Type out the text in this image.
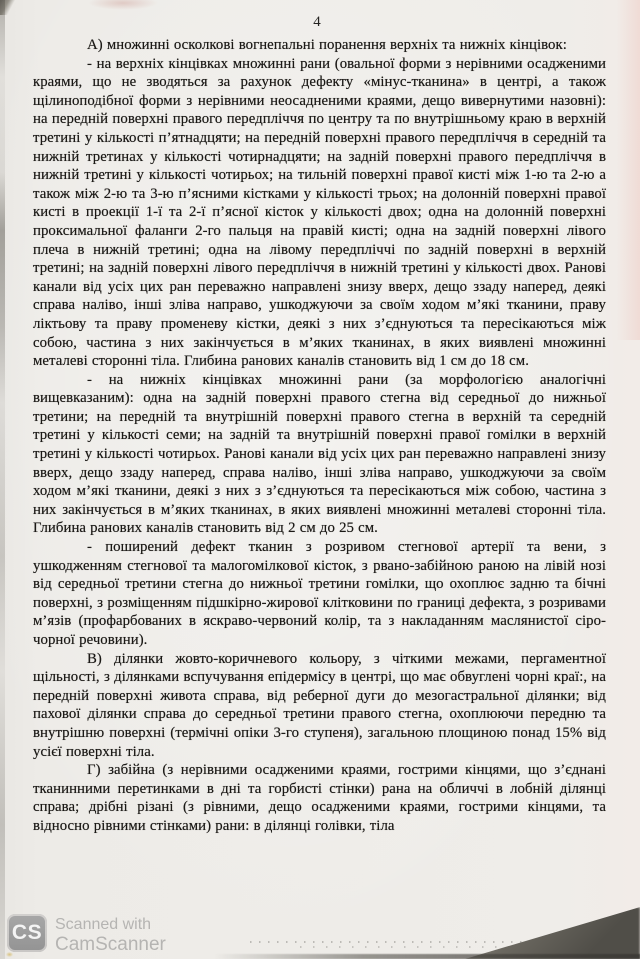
4

А) множинні осколкові вогнепальні поранення верхніх та нижніх кінцівок:

- на верхніх кінцівках множинні рани (овальної форми з нерівними осадженими краями, що не зводяться за рахунок дефекту «мінус-тканина» в центрі, а також щілиноподібної форми з нерівними неосадненими краями, дещо вивернутими назовні): на передній поверхні правого передпліччя по центру та по внутрішньому краю в верхній третині у кількості п’ятнадцяти; на передній поверхні правого передпліччя в середній та нижній третинах у кількості чотирнадцяти; на задній поверхні правого передпліччя в нижній третині у кількості чотирьох; на тильній поверхні правої кисті між 1-ю та 2-ю а також між 2-ю та 3-ю п’ясними кістками у кількості трьох; на долонній поверхні правої кисті в проекції 1-ї та 2-ї п’ясної кісток у кількості двох; одна на долонній поверхні проксимальної фаланги 2-го пальця на правій кисті; одна на задній поверхні лівого плеча в нижній третині; одна на лівому передпліччі по задній поверхні в верхній третині; на задній поверхні лівого передпліччя в нижній третині у кількості двох. Ранові канали від усіх цих ран переважно направлені знизу вверх, дещо ззаду наперед, деякі справа наліво, інші зліва направо, ушкоджуючи за своїм ходом м’які тканини, праву ліктьову та праву променеву кістки, деякі з них з’єднуються та пересікаються між собою, частина з них закінчується в м’яких тканинах, в яких виявлені множинні металеві сторонні тіла. Глибина ранових каналів становить від 1 см до 18 см.

- на нижніх кінцівках множинні рани (за морфологією аналогічні вищевказаним): одна на задній поверхні правого стегна від середньої до нижньої третини; на передній та внутрішній поверхні правого стегна в верхній та середній третині у кількості семи; на задній та внутрішній поверхні правої гомілки в верхній третині у кількості чотирьох. Ранові канали від усіх цих ран переважно направлені знизу вверх, дещо ззаду наперед, справа наліво, інші зліва направо, ушкоджуючи за своїм ходом м’які тканини, деякі з них з з’єднуються та пересікаються між собою, частина з них закінчується в м’яких тканинах, в яких виявлені множинні металеві сторонні тіла. Глибина ранових каналів становить від 2 см до 25 см.

- поширений дефект тканин з розривом стегнової артерії та вени, з ушкодженням стегнової та малогомілкової кісток, з рвано-забійною раною на лівій нозі від середньої третини стегна до нижньої третини гомілки, що охоплює задню та бічні поверхні, з розміщенням підшкірно-жирової клітковини по границі дефекта, з розривами м’язів (профарбованих в яскраво-червоний колір, та з накладанням маслянистої сіро-чорної речовини).

В) ділянки жовто-коричневого кольору, з чіткими межами, пергаментної щільності, з ділянками вспучування епідермісу в центрі, що має обвуглені чорні краї:, на передній поверхні живота справа, від реберної дуги до мезогастральної ділянки; від пахової ділянки справа до середньої третини правого стегна, охоплюючи передню та внутрішню поверхні (термічні опіки 3-го ступеня), загальною площиною понад 15% від усієї поверхні тіла.

Г) забійна (з нерівними осадженими краями, гострими кінцями, що з’єднані тканинними перетинками в дні та горбисті стінки) рана на обличчі в лобній ділянці справа; дрібні різані (з рівними, дещо осадженими краями, гострими кінцями, та відносно рівними стінками) рани: в ділянці голівки, тіла

CS Scanned with
CamScanner
